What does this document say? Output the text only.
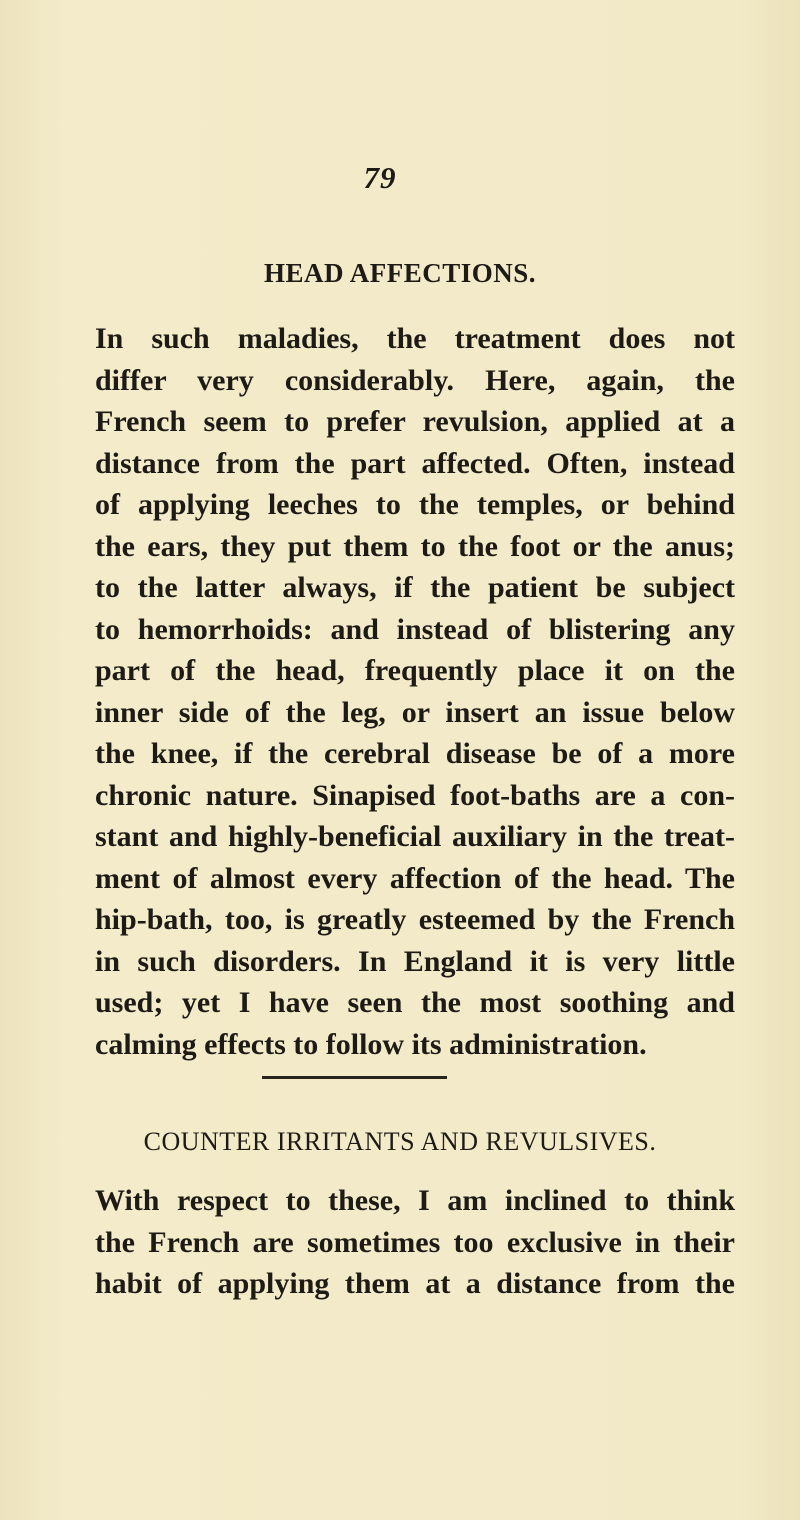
79
HEAD AFFECTIONS.

In such maladies, the treatment does not
differ very considerably. Here, again, the
French seem to prefer revulsion, applied at a
distance from the part affected. Often, instead
of applying leeches to the temples, or behind
the ears, they put them to the foot or the anus;
to the latter always, if the patient be subject
to hemorrhoids: and instead of blistering any
part of the head, frequently place it on the
inner side of the leg, or insert an issue below
the knee, if the cerebral disease be of a more
chronic nature. Sinapised foot-baths are a con-
stant and highly-beneficial auxiliary in the treat-
ment of almost every affection of the head. The
hip-bath, too, is greatly esteemed by the French
in such disorders. In England it is very little
used; yet I have seen the most soothing and
calming effects to follow its administration.

COUNTER IRRITANTS AND REVULSIVES.

With respect to these, I am inclined to think
the French are sometimes too exclusive in their
habit of applying them at a distance from the
